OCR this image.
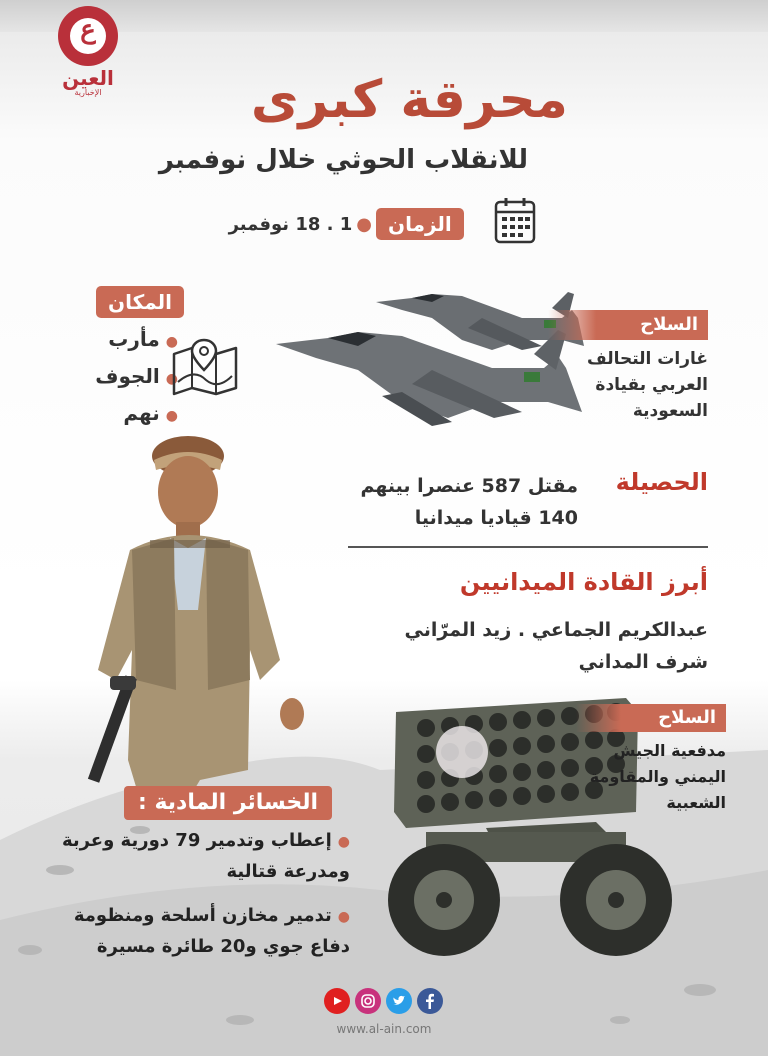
ع
العين
الإخبارية	محرقة كبرى
للانقلاب الحوثي خلال نوفمبر
الزمان
●1 . 18 نوفمبر
المكان
●مأرب
●الجوف
●نهم
السلاح
غارات التحالف
العربي بقيادة
السعودية
الحصيلة
مقتل 587 عنصرا بينهم
140 قياديا ميدانيا
أبرز القادة الميدانيين
عبدالكريم الجماعي . زيد المرّاني
شرف المداني
السلاح
مدفعية الجيش
اليمني والمقاومة
الشعبية
الخسائر المادية :
●إعطاب وتدمير 79 دورية وعربة ومدرعة قتالية
●تدمير مخازن أسلحة ومنظومة دفاع جوي و20 طائرة مسيرة
www.al-ain.com
